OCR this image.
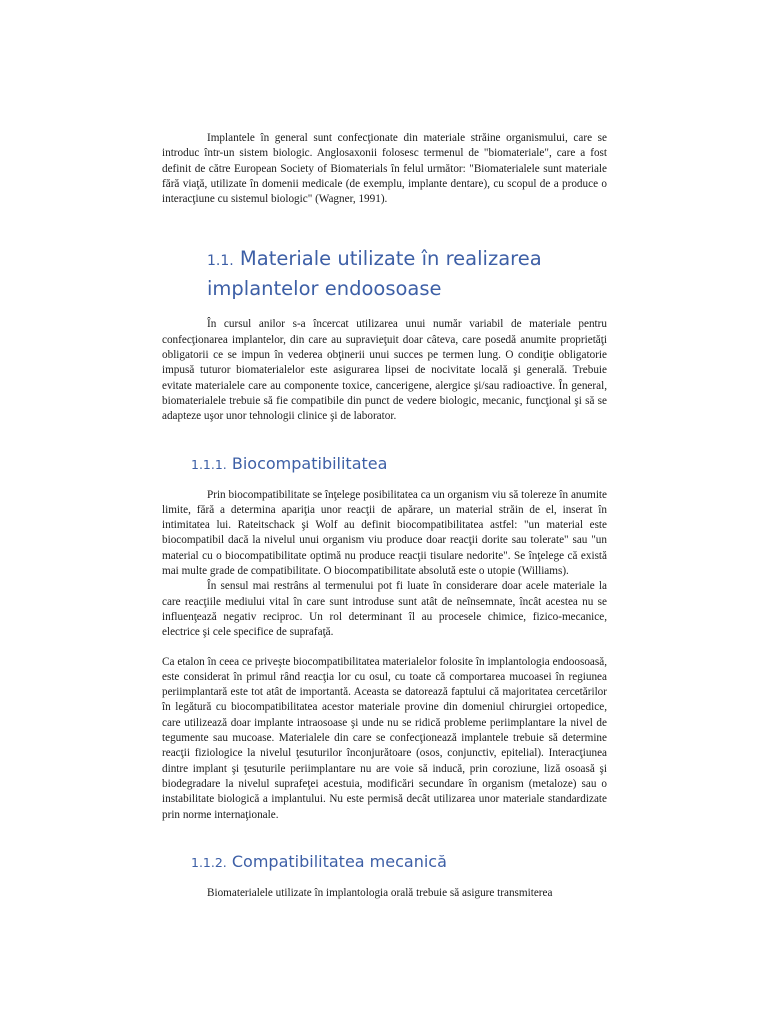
Implantele în general sunt confecţionate din materiale străine organismului, care se introduc într-un sistem biologic. Anglosaxonii folosesc termenul de "biomateriale", care a fost definit de către European Society of Biomaterials în felul următor: "Biomaterialele sunt materiale fără viaţă, utilizate în domenii medicale (de exemplu, implante dentare), cu scopul de a produce o interacţiune cu sistemul biologic" (Wagner, 1991).

1.1. Materiale utilizate în realizarea implantelor endoosoase

În cursul anilor s-a încercat utilizarea unui număr variabil de materiale pentru confecţionarea implantelor, din care au supravieţuit doar câteva, care posedă anumite proprietăţi obligatorii ce se impun în vederea obţinerii unui succes pe termen lung. O condiţie obligatorie impusă tuturor biomaterialelor este asigurarea lipsei de nocivitate locală şi generală. Trebuie evitate materialele care au componente toxice, cancerigene, alergice şi/sau radioactive. În general, biomaterialele trebuie să fie compatibile din punct de vedere biologic, mecanic, funcţional şi să se adapteze uşor unor tehnologii clinice şi de laborator.

1.1.1. Biocompatibilitatea

Prin biocompatibilitate se înţelege posibilitatea ca un organism viu să tolereze în anumite limite, fără a determina apariţia unor reacţii de apărare, un material străin de el, inserat în intimitatea lui. Rateitschack şi Wolf au definit biocompatibilitatea astfel: "un material este biocompatibil dacă la nivelul unui organism viu produce doar reacţii dorite sau tolerate" sau "un material cu o biocompatibilitate optimă nu produce reacţii tisulare nedorite". Se înţelege că există mai multe grade de compatibilitate. O biocompatibilitate absolută este o utopie (Williams).

În sensul mai restrâns al termenului pot fi luate în considerare doar acele materiale la care reacţiile mediului vital în care sunt introduse sunt atât de neînsemnate, încât acestea nu se influenţează negativ reciproc. Un rol determinant îl au procesele chimice, fizico-mecanice, electrice şi cele specifice de suprafaţă.

Ca etalon în ceea ce priveşte biocompatibilitatea materialelor folosite în implantologia endoosoasă, este considerat în primul rând reacţia lor cu osul, cu toate că comportarea mucoasei în regiunea periimplantară este tot atât de importantă. Aceasta se datorează faptului că majoritatea cercetărilor în legătură cu biocompatibilitatea acestor materiale provine din domeniul chirurgiei ortopedice, care utilizează doar implante intraosoase şi unde nu se ridică probleme periimplantare la nivel de tegumente sau mucoase. Materialele din care se confecţionează implantele trebuie să determine reacţii fiziologice la nivelul ţesuturilor înconjurătoare (osos, conjunctiv, epitelial). Interacţiunea dintre implant şi ţesuturile periimplantare nu are voie să inducă, prin coroziune, liză osoasă şi biodegradare la nivelul suprafeţei acestuia, modificări secundare în organism (metaloze) sau o instabilitate biologică a implantului. Nu este permisă decât utilizarea unor materiale standardizate prin norme internaţionale.

1.1.2. Compatibilitatea mecanică

Biomaterialele utilizate în implantologia orală trebuie să asigure transmiterea
